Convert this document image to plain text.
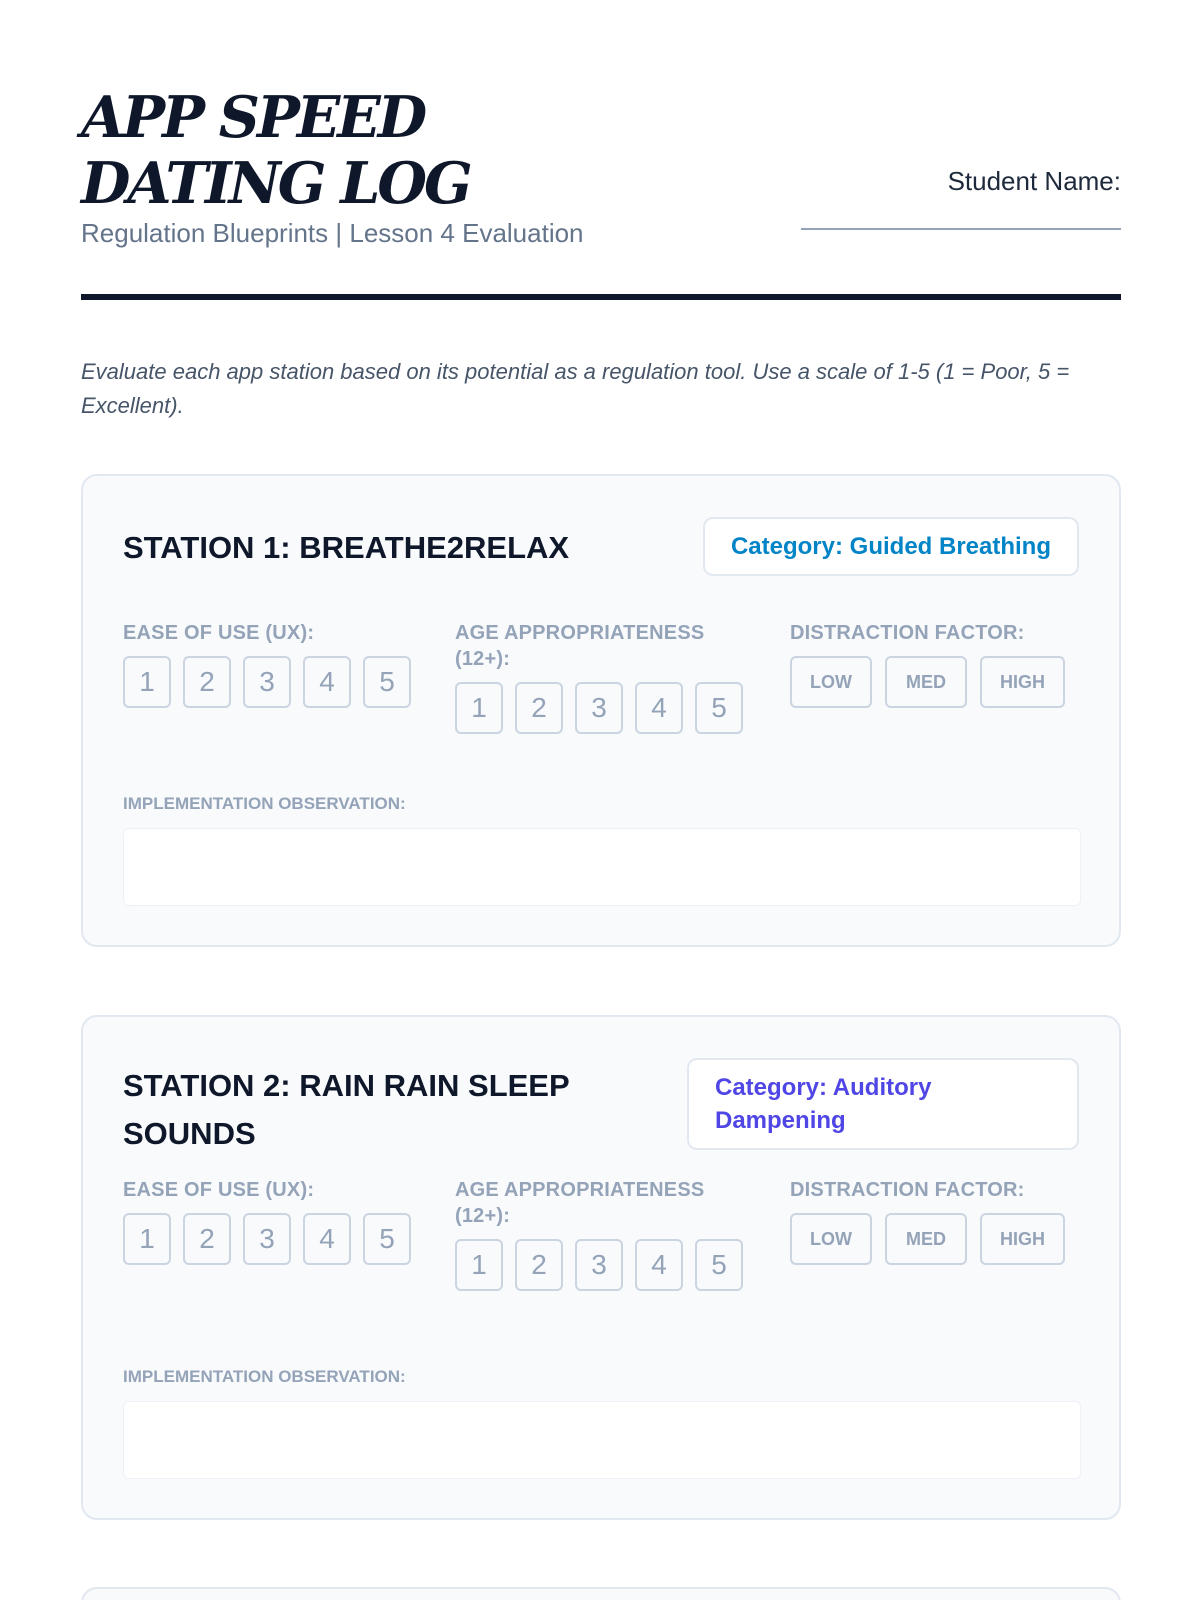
APP SPEED DATING LOG
Regulation Blueprints | Lesson 4 Evaluation
Student Name:
Evaluate each app station based on its potential as a regulation tool. Use a scale of 1-5 (1 = Poor, 5 = Excellent).
STATION 1: BREATHE2RELAX	Category: Guided Breathing
EASE OF USE (UX):
1	2	3	4	5
AGE APPROPRIATENESS (12+):
1	2	3	4	5
DISTRACTION FACTOR:
LOW	MED	HIGH
IMPLEMENTATION OBSERVATION:
STATION 2: RAIN RAIN SLEEP SOUNDS
Category: Auditory Dampening
EASE OF USE (UX):
1	2	3	4	5
AGE APPROPRIATENESS (12+):
1	2	3	4	5
DISTRACTION FACTOR:
LOW	MED	HIGH
IMPLEMENTATION OBSERVATION:
